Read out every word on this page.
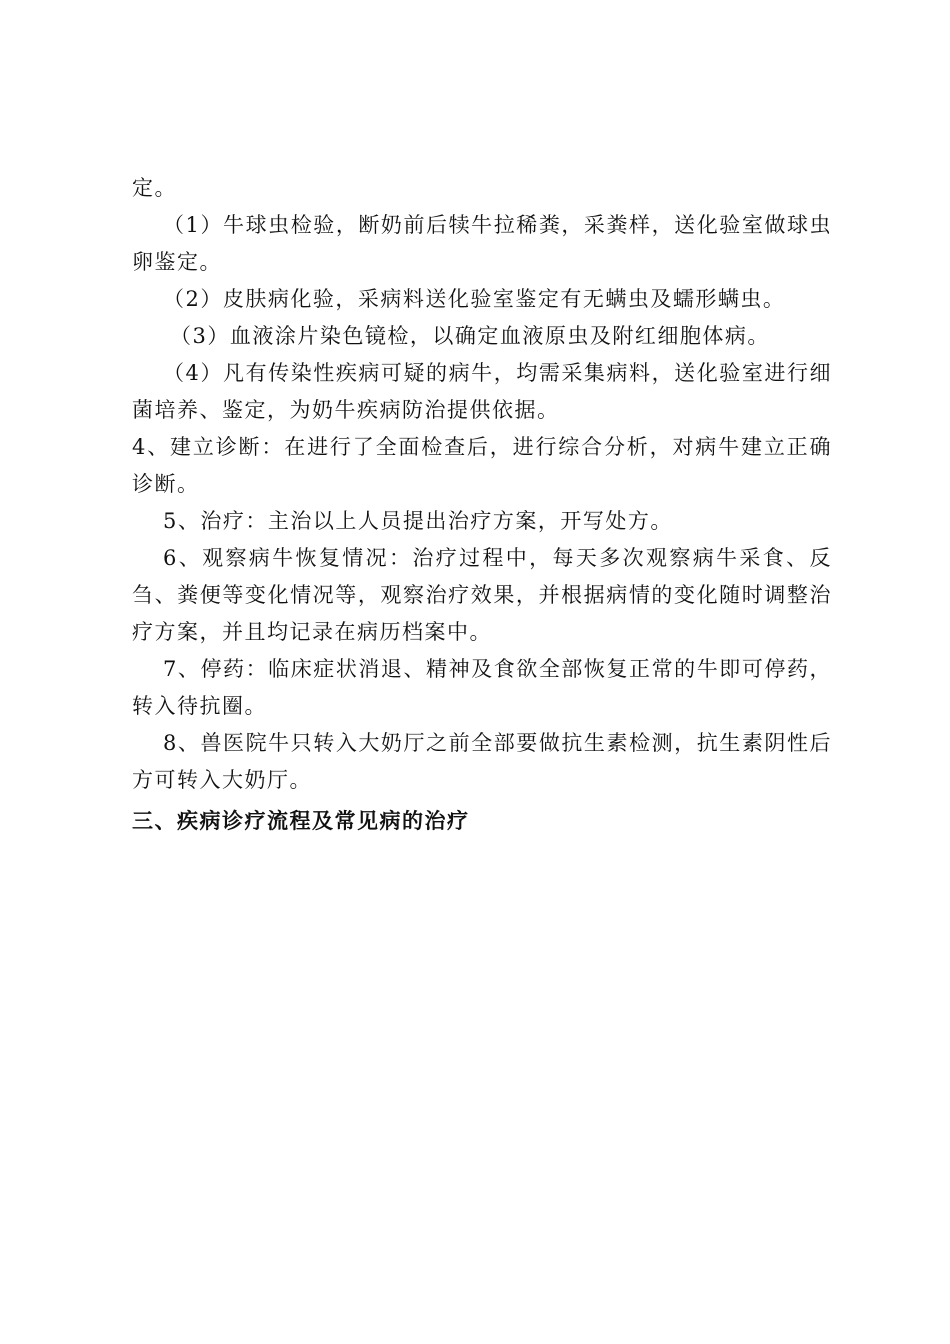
定。

（1）牛球虫检验，断奶前后犊牛拉稀粪，采粪样，送化验室做球虫卵鉴定。

（2）皮肤病化验，采病料送化验室鉴定有无螨虫及蠕形螨虫。

（3）血液涂片染色镜检，以确定血液原虫及附红细胞体病。

（4）凡有传染性疾病可疑的病牛，均需采集病料，送化验室进行细菌培养、鉴定，为奶牛疾病防治提供依据。

4、建立诊断：在进行了全面检查后，进行综合分析，对病牛建立正确诊断。

5、治疗：主治以上人员提出治疗方案，开写处方。

6、观察病牛恢复情况：治疗过程中，每天多次观察病牛采食、反刍、粪便等变化情况等，观察治疗效果，并根据病情的变化随时调整治疗方案，并且均记录在病历档案中。

7、停药：临床症状消退、精神及食欲全部恢复正常的牛即可停药，转入待抗圈。

8、兽医院牛只转入大奶厅之前全部要做抗生素检测，抗生素阴性后方可转入大奶厅。

三、疾病诊疗流程及常见病的治疗
